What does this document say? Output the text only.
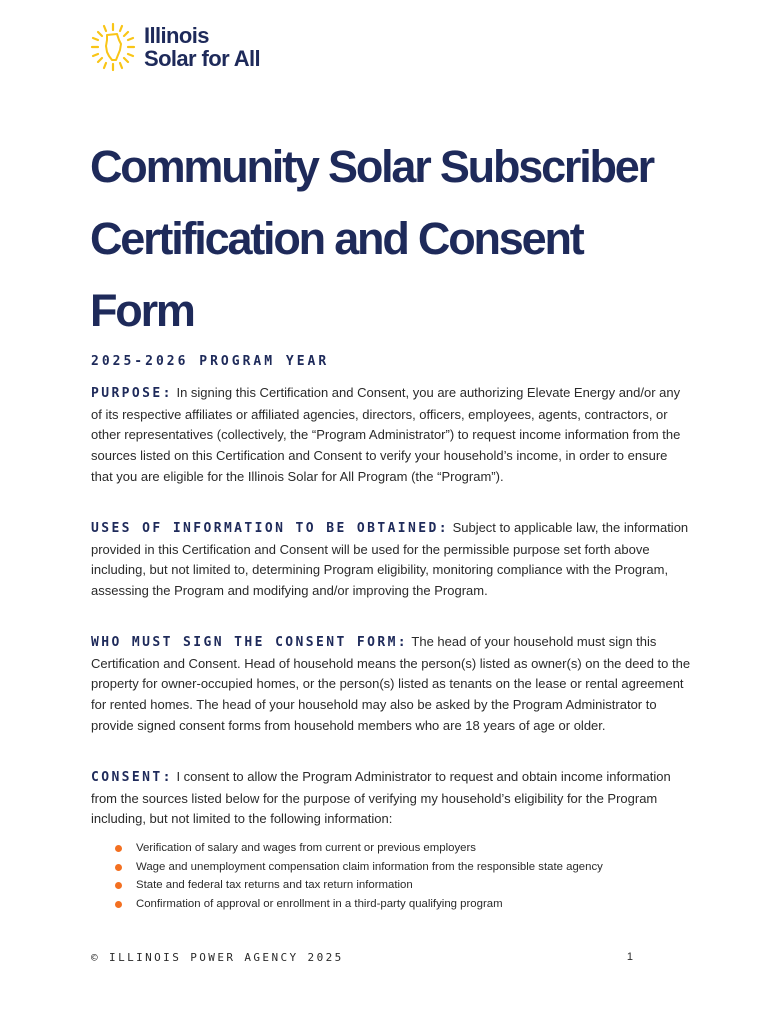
Illinois
Solar for All
Community Solar Subscriber
Certification and Consent
Form
2025-2026 PROGRAM YEAR

PURPOSE: In signing this Certification and Consent, you are authorizing Elevate Energy and/or any of its respective affiliates or affiliated agencies, directors, officers, employees, agents, contractors, or other representatives (collectively, the “Program Administrator”) to request income information from the sources listed on this Certification and Consent to verify your household’s income, in order to ensure that you are eligible for the Illinois Solar for All Program (the “Program”).

USES OF INFORMATION TO BE OBTAINED: Subject to applicable law, the information provided in this Certification and Consent will be used for the permissible purpose set forth above including, but not limited to, determining Program eligibility, monitoring compliance with the Program, assessing the Program and modifying and/or improving the Program.

WHO MUST SIGN THE CONSENT FORM: The head of your household must sign this Certification and Consent. Head of household means the person(s) listed as owner(s) on the deed to the property for owner-occupied homes, or the person(s) listed as tenants on the lease or rental agreement for rented homes. The head of your household may also be asked by the Program Administrator to provide signed consent forms from household members who are 18 years of age or older.

CONSENT: I consent to allow the Program Administrator to request and obtain income information from the sources listed below for the purpose of verifying my household’s eligibility for the Program including, but not limited to the following information:

Verification of salary and wages from current or previous employers
Wage and unemployment compensation claim information from the responsible state agency
State and federal tax returns and tax return information
Confirmation of approval or enrollment in a third-party qualifying program
© ILLINOIS POWER AGENCY 2025	1
